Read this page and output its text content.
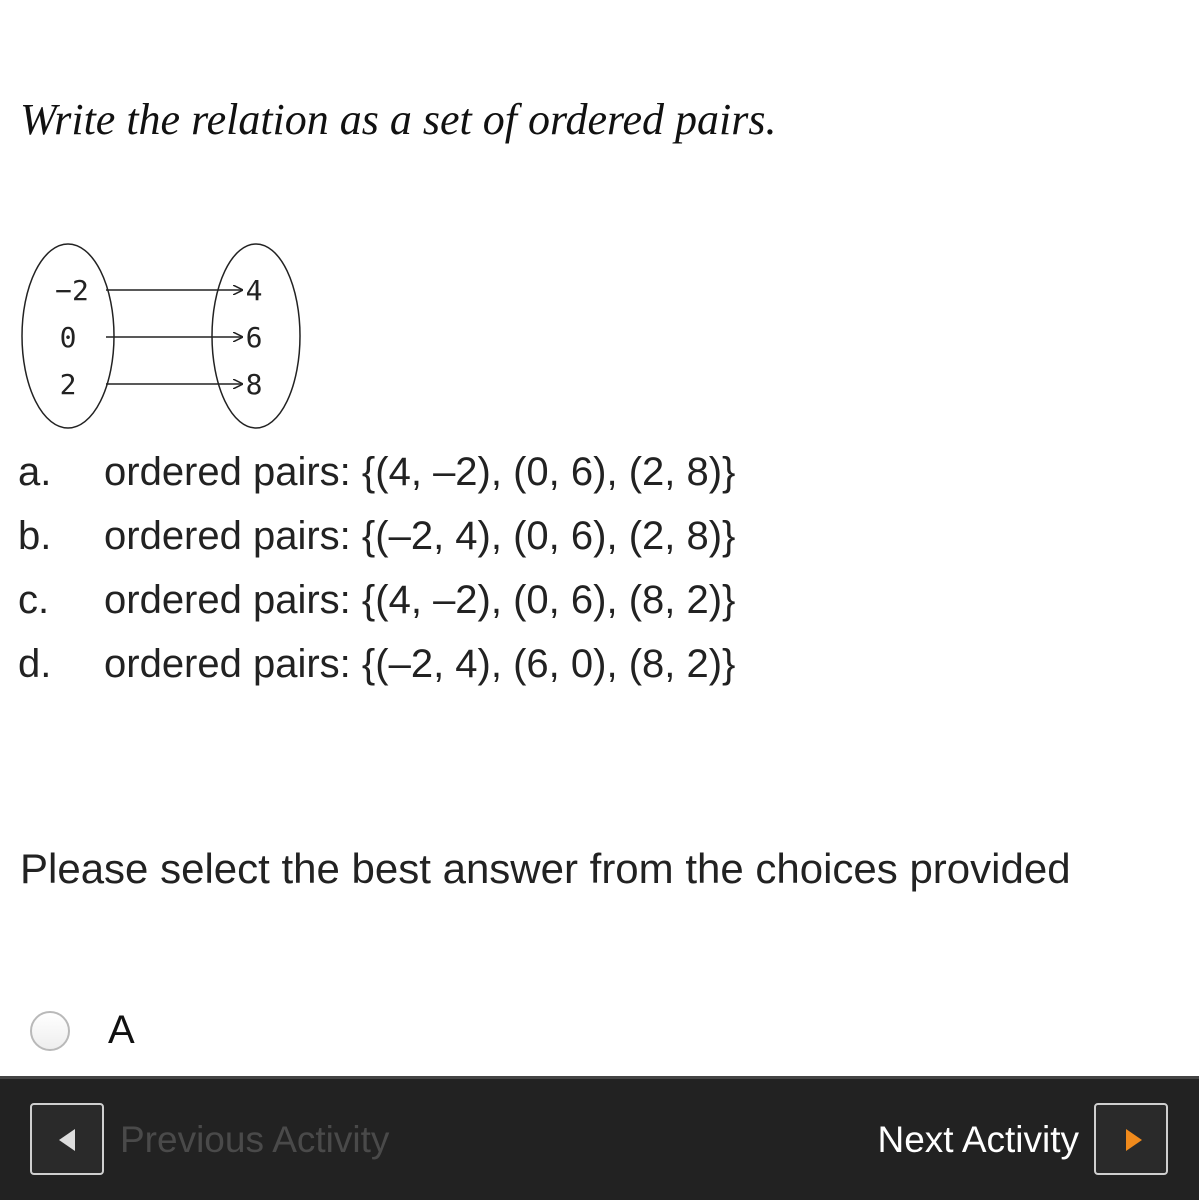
Write the relation as a set of ordered pairs.
−2
0
2
4
6
8
a.	ordered pairs: {(4, –2), (0, 6), (2, 8)}
b.	ordered pairs: {(–2, 4), (0, 6), (2, 8)}
c.	ordered pairs: {(4, –2), (0, 6), (8, 2)}
d.	ordered pairs: {(–2, 4), (6, 0), (8, 2)}

Please select the best answer from the choices provided

A
Previous Activity	Next Activity
